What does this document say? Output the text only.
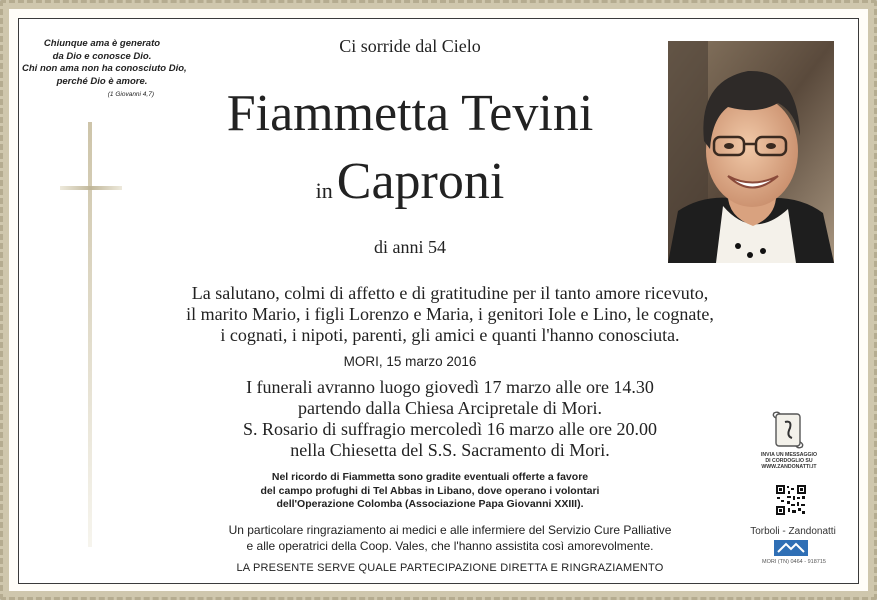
Chiunque ama è generato
da Dio e conosce Dio.
Chi non ama non ha conosciuto Dio,
perché Dio è amore.
(1 Giovanni 4,7)
Ci sorride dal Cielo
Fiammetta Tevini
in Caproni
di anni 54
La salutano, colmi di affetto e di gratitudine per il tanto amore ricevuto,
il marito Mario, i figli Lorenzo e Maria, i genitori Iole e Lino, le cognate,
i cognati, i nipoti, parenti, gli amici e quanti l'hanno conosciuta.
MORI, 15 marzo 2016
I funerali avranno luogo giovedì 17 marzo alle ore 14.30
partendo dalla Chiesa Arcipretale di Mori.
S. Rosario di suffragio mercoledì 16 marzo alle ore 20.00
nella Chiesetta del S.S. Sacramento di Mori.
Nel ricordo di Fiammetta sono gradite eventuali offerte a favore
del campo profughi di Tel Abbas in Libano, dove operano i volontari
dell'Operazione Colomba (Associazione Papa Giovanni XXIII).
Un particolare ringraziamento ai medici e alle infermiere del Servizio Cure Palliative
e alle operatrici della Coop. Vales, che l'hanno assistita così amorevolmente.
LA PRESENTE SERVE QUALE PARTECIPAZIONE DIRETTA E RINGRAZIAMENTO
INVIA UN MESSAGGIO
DI CORDOGLIO SU
WWW.ZANDONATTI.IT
Torboli - Zandonatti
MORI (TN) 0464 - 918715
